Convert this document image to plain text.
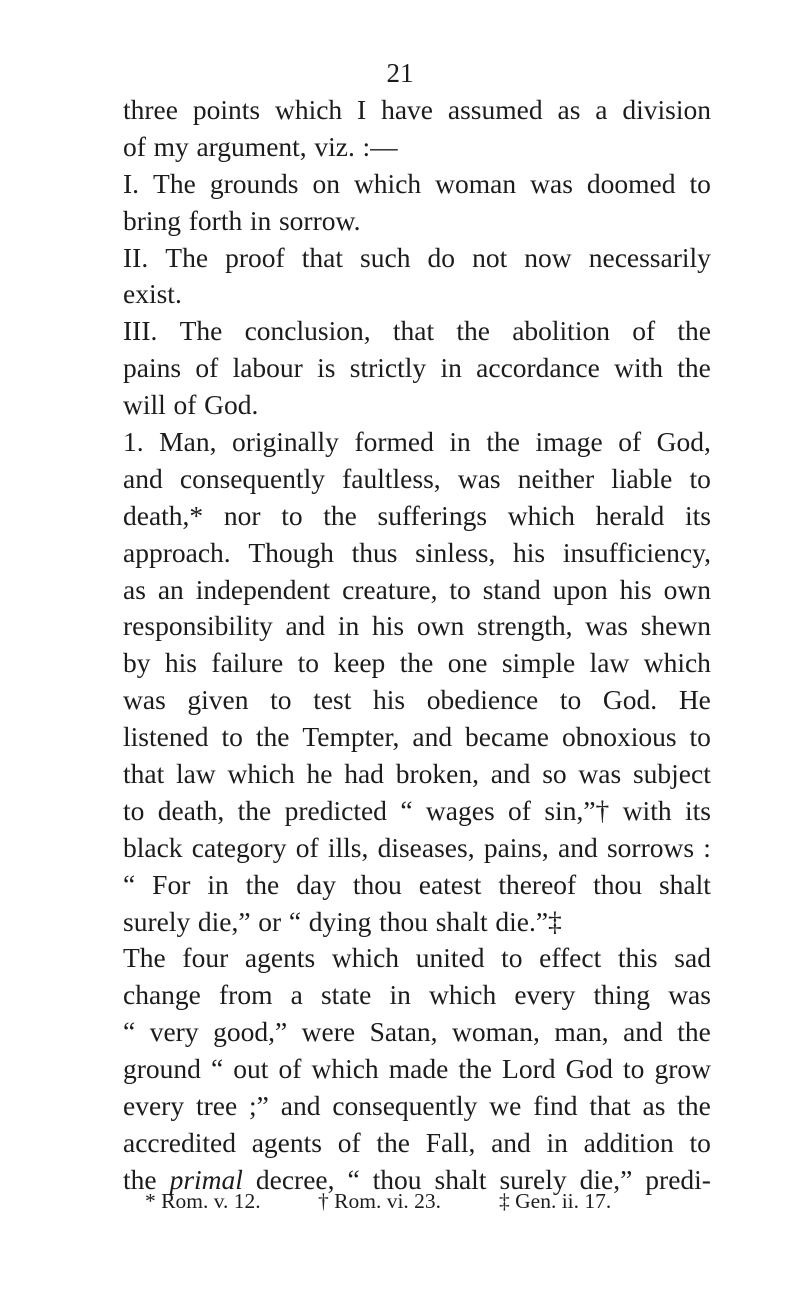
21
three points which I have assumed as a division
of my argument, viz. :—
I. The grounds on which woman was doomed to
bring forth in sorrow.
II. The proof that such do not now necessarily
exist.
III. The conclusion, that the abolition of the
pains of labour is strictly in accordance with the
will of God.
1. Man, originally formed in the image of God,
and consequently faultless, was neither liable to
death,* nor to the sufferings which herald its
approach. Though thus sinless, his insufficiency,
as an independent creature, to stand upon his own
responsibility and in his own strength, was shewn
by his failure to keep the one simple law which
was given to test his obedience to God. He
listened to the Tempter, and became obnoxious to
that law which he had broken, and so was subject
to death, the predicted “ wages of sin,”† with its
black category of ills, diseases, pains, and sorrows :
“ For in the day thou eatest thereof thou shalt
surely die,” or “ dying thou shalt die.”‡
The four agents which united to effect this sad
change from a state in which every thing was
“ very good,” were Satan, woman, man, and the
ground “ out of which made the Lord God to grow
every tree ;” and consequently we find that as the
accredited agents of the Fall, and in addition to
the primal decree, “ thou shalt surely die,” predi-
* Rom. v. 12.	† Rom. vi. 23.	‡ Gen. ii. 17.
